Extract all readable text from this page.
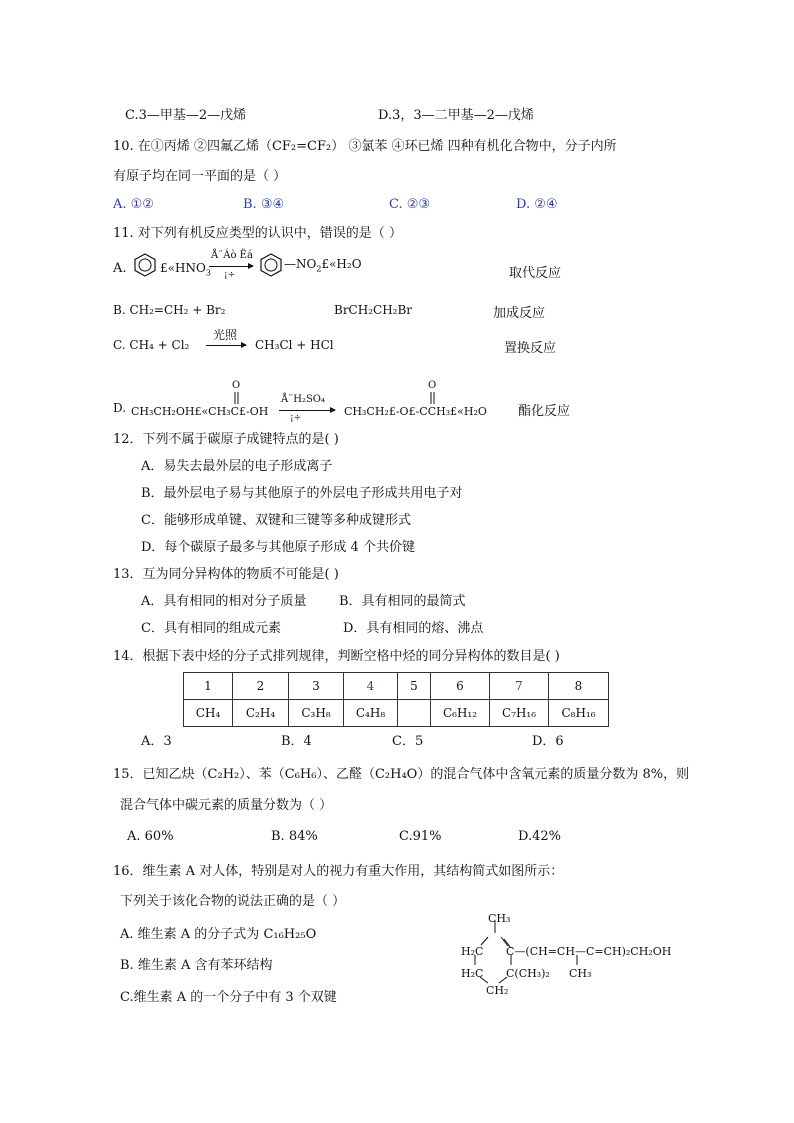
C.3—甲基—2—戊烯	D.3，3—二甲基—2—戊烯
10. 在①丙烯 ②四氟乙烯（CF₂=CF₂） ③氯苯 ④环已烯 四种有机化合物中，分子内所
有原子均在同一平面的是（ ）
A. ①②	B. ③④	C. ②③	D. ②④
11. 对下列有机反应类型的认识中，错误的是（ ）
A.	$£«HNO_3$
Å¨Áò Ëá
¡÷
$—NO_2£«H_2O$
取代反应
B. CH₂=CH₂ + Br₂	BrCH₂CH₂Br	加成反应
C. CH₄ + Cl₂
光照
CH₃Cl + HCl	置换反应
D.
O
CH₃CH₂OH£«CH₃C£-OH
Å¨H₂SO₄
¡÷
O
CH₃CH₂£-O£-CCH₃£«H₂O 酯化反应
12．下列不属于碳原子成键特点的是( )
A．易失去最外层的电子形成离子
B．最外层电子易与其他原子的外层电子形成共用电子对
C．能够形成单键、双键和三键等多种成键形式
D．每个碳原子最多与其他原子形成 4 个共价键
13．互为同分异构体的物质不可能是( )
A．具有相同的相对分子质量	B．具有相同的最简式
C．具有相同的组成元素	D．具有相同的熔、沸点
14．根据下表中烃的分子式排列规律，判断空格中烃的同分异构体的数目是( )
1	2	3	4	5	6	7	8
CH₄	C₂H₄	C₃H₈	C₄H₈		C₆H₁₂	C₇H₁₆	C₈H₁₆
A．3	B．4	C．5	D．6
15．已知乙炔（C₂H₂）、苯（C₆H₆）、乙醛（C₂H₄O）的混合气体中含氧元素的质量分数为 8%，则
混合气体中碳元素的质量分数为（ ）
A. 60%	B. 84%	C.91%	D.42%
16．维生素 A 对人体，特别是对人的视力有重大作用，其结构简式如图所示：
下列关于该化合物的说法正确的是（ ）
A. 维生素 A 的分子式为 C₁₆H₂₅O
B. 维生素 A 含有苯环结构
C.维生素 A 的一个分子中有 3 个双键
CH₃
C—(CH=CH—C=CH)₂CH₂OH
H₂C
H₂C C(CH₃)₂
CH₂
CH₃
